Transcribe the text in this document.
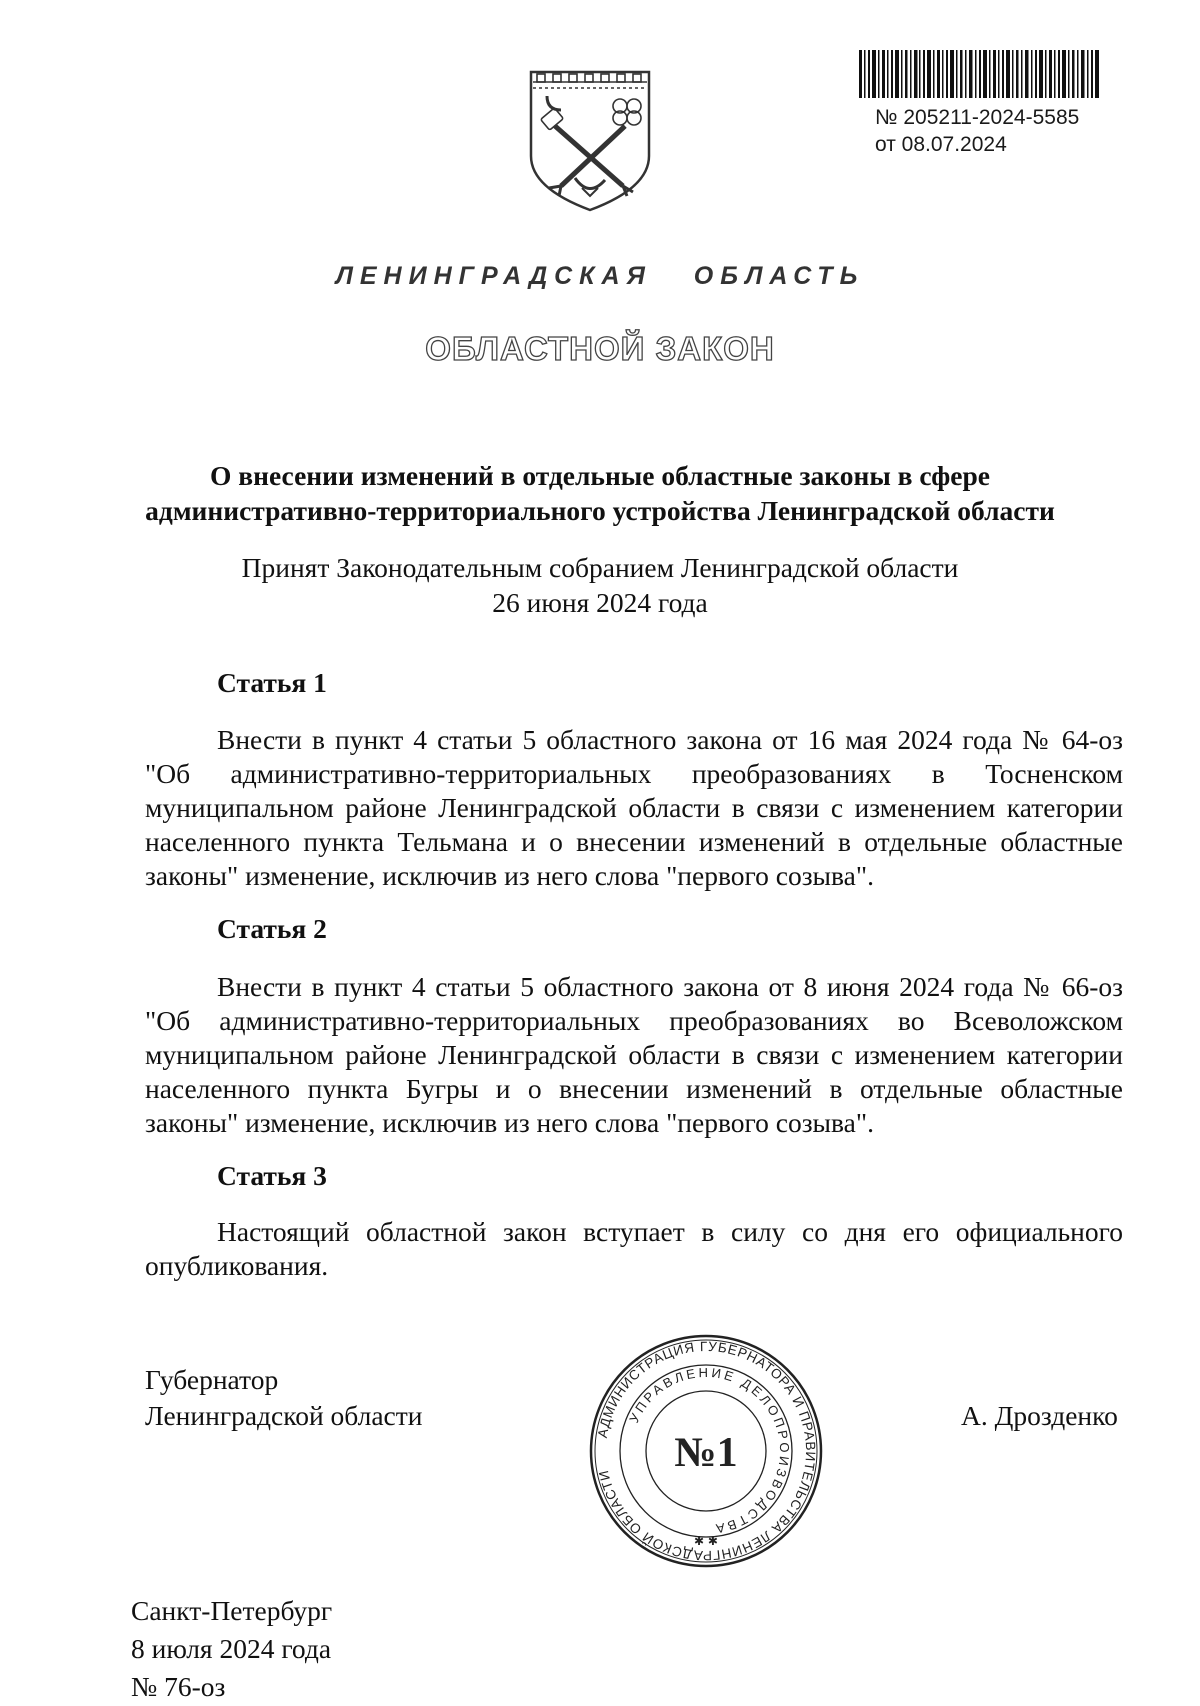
№ 205211-2024-5585
от 08.07.2024
ЛЕНИНГРАДСКАЯ ОБЛАСТЬ
ОБЛАСТНОЙ ЗАКОН
О внесении изменений в отдельные областные законы в сфере
административно-территориального устройства Ленинградской области
Принят Законодательным собранием Ленинградской области
26 июня 2024 года
Статья 1

Внести в пункт 4 статьи 5 областного закона от 16 мая 2024 года № 64-оз "Об административно-территориальных преобразованиях в Тосненском муниципальном районе Ленинградской области в связи с изменением категории населенного пункта Тельмана и о внесении изменений в отдельные областные законы" изменение, исключив из него слова "первого созыва".

Статья 2

Внести в пункт 4 статьи 5 областного закона от 8 июня 2024 года № 66-оз "Об административно-территориальных преобразованиях во Всеволожском муниципальном районе Ленинградской области в связи с изменением категории населенного пункта Бугры и о внесении изменений в отдельные областные законы" изменение, исключив из него слова "первого созыва".

Статья 3

Настоящий областной закон вступает в силу со дня его официального опубликования.

Губернатор
Ленинградской области	А. Дрозденко
АДМИНИСТРАЦИЯ ГУБЕРНАТОРА И ПРАВИТЕЛЬСТВА ЛЕНИНГРАДСКОЙ ОБЛАСТИ
УПРАВЛЕНИЕ ДЕЛОПРОИЗВОДСТВА
№1
✱ ✱
Санкт-Петербург
8 июля 2024 года
№ 76-оз
